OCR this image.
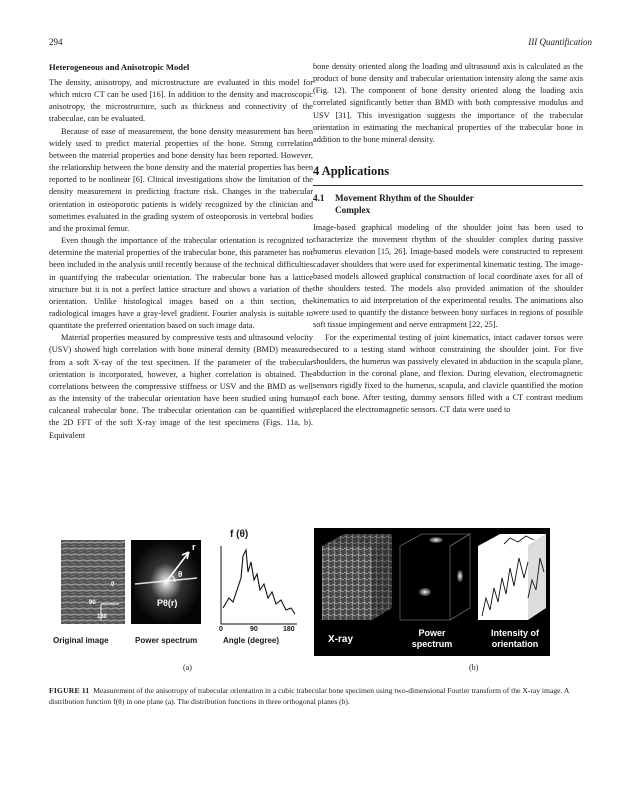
294	III Quantification
Heterogeneous and Anisotropic Model

The density, anisotropy, and microstructure are evaluated in this model for which micro CT can be used [16]. In addition to the density and macroscopic anisotropy, the microstructure, such as thickness and connectivity of the trabeculae, can be evaluated.

Because of ease of measurement, the bone density measurement has been widely used to predict material properties of the bone. Strong correlation between the material properties and bone density has been reported. However, the relationship between the bone density and the material properties has been reported to be nonlinear [6]. Clinical investigations show the limitation of the density measurement in predicting fracture risk. Changes in the trabecular orientation in osteoporotic patients is widely recognized by the clinician and sometimes evaluated in the grading system of osteoporosis in vertebral bodies and the proximal femur.

Even though the importance of the trabecular orientation is recognized to determine the material properties of the trabecular bone, this parameter has not been included in the analysis until recently because of the technical difficulties in quantifying the trabecular orientation. The trabecular bone has a lattice structure but it is not a perfect lattice structure and shows a variation of the orientation. Unlike histological images based on a thin section, the radiological images have a gray-level gradient. Fourier analysis is suitable to quantitate the preferred orientation based on such image data.

Material properties measured by compressive tests and ultrasound velocity (USV) showed high correlation with bone mineral density (BMD) measured from a soft X-ray of the test specimen. If the parameter of the trabecular orientation is incorporated, however, a higher correlation is obtained. The correlations between the compressive stiffness or USV and the BMD as well as the intensity of the trabecular orientation have been studied using human calcaneal trabecular bone. The trabecular orientation can be quantified with the 2D FFT of the soft X-ray image of the test specimens (Figs. 11a, b). Equivalent

bone density oriented along the loading and ultrasound axis is calculated as the product of bone density and trabecular orientation intensity along the same axis (Fig. 12). The component of bone density oriented along the loading axis correlated significantly better than BMD with both compressive modulus and USV [31]. This investigation suggests the importance of the trabecular orientation in estimating the mechanical properties of the trabecular bone in addition to the bone mineral density.

4 Applications
4.1 Movement Rhythm of the Shoulder
Complex

Image-based graphical modeling of the shoulder joint has been used to characterize the movement rhythm of the shoulder complex during passive humerus elevation [15, 26]. Image-based models were constructed to represent cadaver shoulders that were used for experimental kinematic testing. The image-based models allowed graphical construction of local coordinate axes for all of the shoulders tested. The models also provided animation of the shoulder kinematics to aid interpretation of the experimental results. The animations also were used to quantify the distance between bony surfaces in regions of possible soft tissue impingement and nerve entrapment [22, 25].

For the experimental testing of joint kinematics, intact cadaver torsos were secured to a testing stand without constraining the shoulder joint. For five shoulders, the humerus was passively elevated in abduction in the scapula plane, abduction in the coronal plane, and flexion. During elevation, electromagnetic sensors rigidly fixed to the humerus, scapula, and clavicle quantified the motion of each bone. After testing, dummy sensors filled with a CT contrast medium replaced the electromagnetic sensors. CT data were used to

f (θ)
r
θ
Pθ(r)
0
90
180
0	90	180
Original image	Power spectrum	Angle (degree)	X-ray
Power spectrum
Intensity of orientation
(a)	(b)
FIGURE 11 Measurement of the anisotropy of trabecular orientation in a cubic trabecular bone specimen using two-dimensional Fourier transform of the X-ray image. A distribution function f(θ) in one plane (a). The distribution functions in three orthogonal planes (b).
